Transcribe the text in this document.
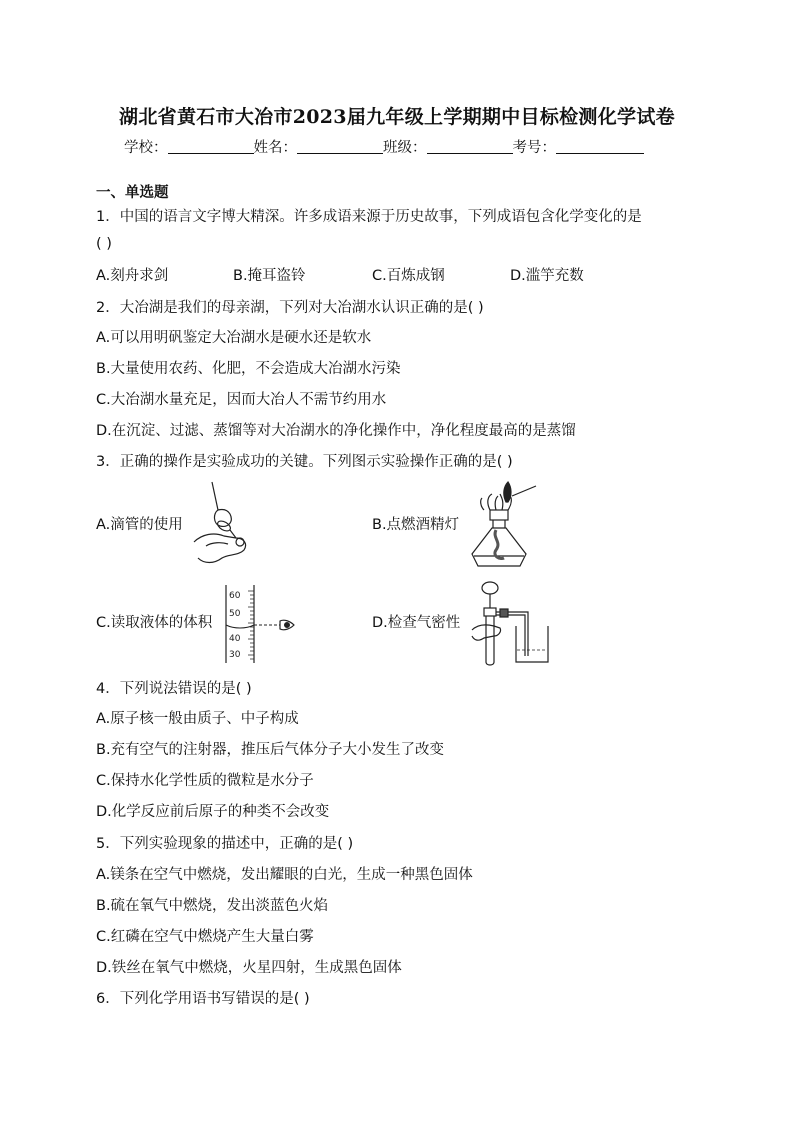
湖北省黄石市大冶市2023届九年级上学期期中目标检测化学试卷
学校：	姓名：	班级：	考号：
一、单选题
1．中国的语言文字博大精深。许多成语来源于历史故事，下列成语包含化学变化的是
( )
A.刻舟求剑	B.掩耳盗铃	C.百炼成钢	D.滥竽充数
2．大冶湖是我们的母亲湖，下列对大冶湖水认识正确的是( )
A.可以用明矾鉴定大冶湖水是硬水还是软水
B.大量使用农药、化肥，不会造成大冶湖水污染
C.大冶湖水量充足，因而大冶人不需节约用水
D.在沉淀、过滤、蒸馏等对大冶湖水的净化操作中，净化程度最高的是蒸馏
3．正确的操作是实验成功的关键。下列图示实验操作正确的是( )
A.滴管的使用	B.点燃酒精灯
C.读取液体的体积
60
50
40
30
D.检查气密性
4．下列说法错误的是( )
A.原子核一般由质子、中子构成
B.充有空气的注射器，推压后气体分子大小发生了改变
C.保持水化学性质的微粒是水分子
D.化学反应前后原子的种类不会改变
5．下列实验现象的描述中，正确的是( )
A.镁条在空气中燃烧，发出耀眼的白光，生成一种黑色固体
B.硫在氧气中燃烧，发出淡蓝色火焰
C.红磷在空气中燃烧产生大量白雾
D.铁丝在氧气中燃烧，火星四射，生成黑色固体
6．下列化学用语书写错误的是( )
